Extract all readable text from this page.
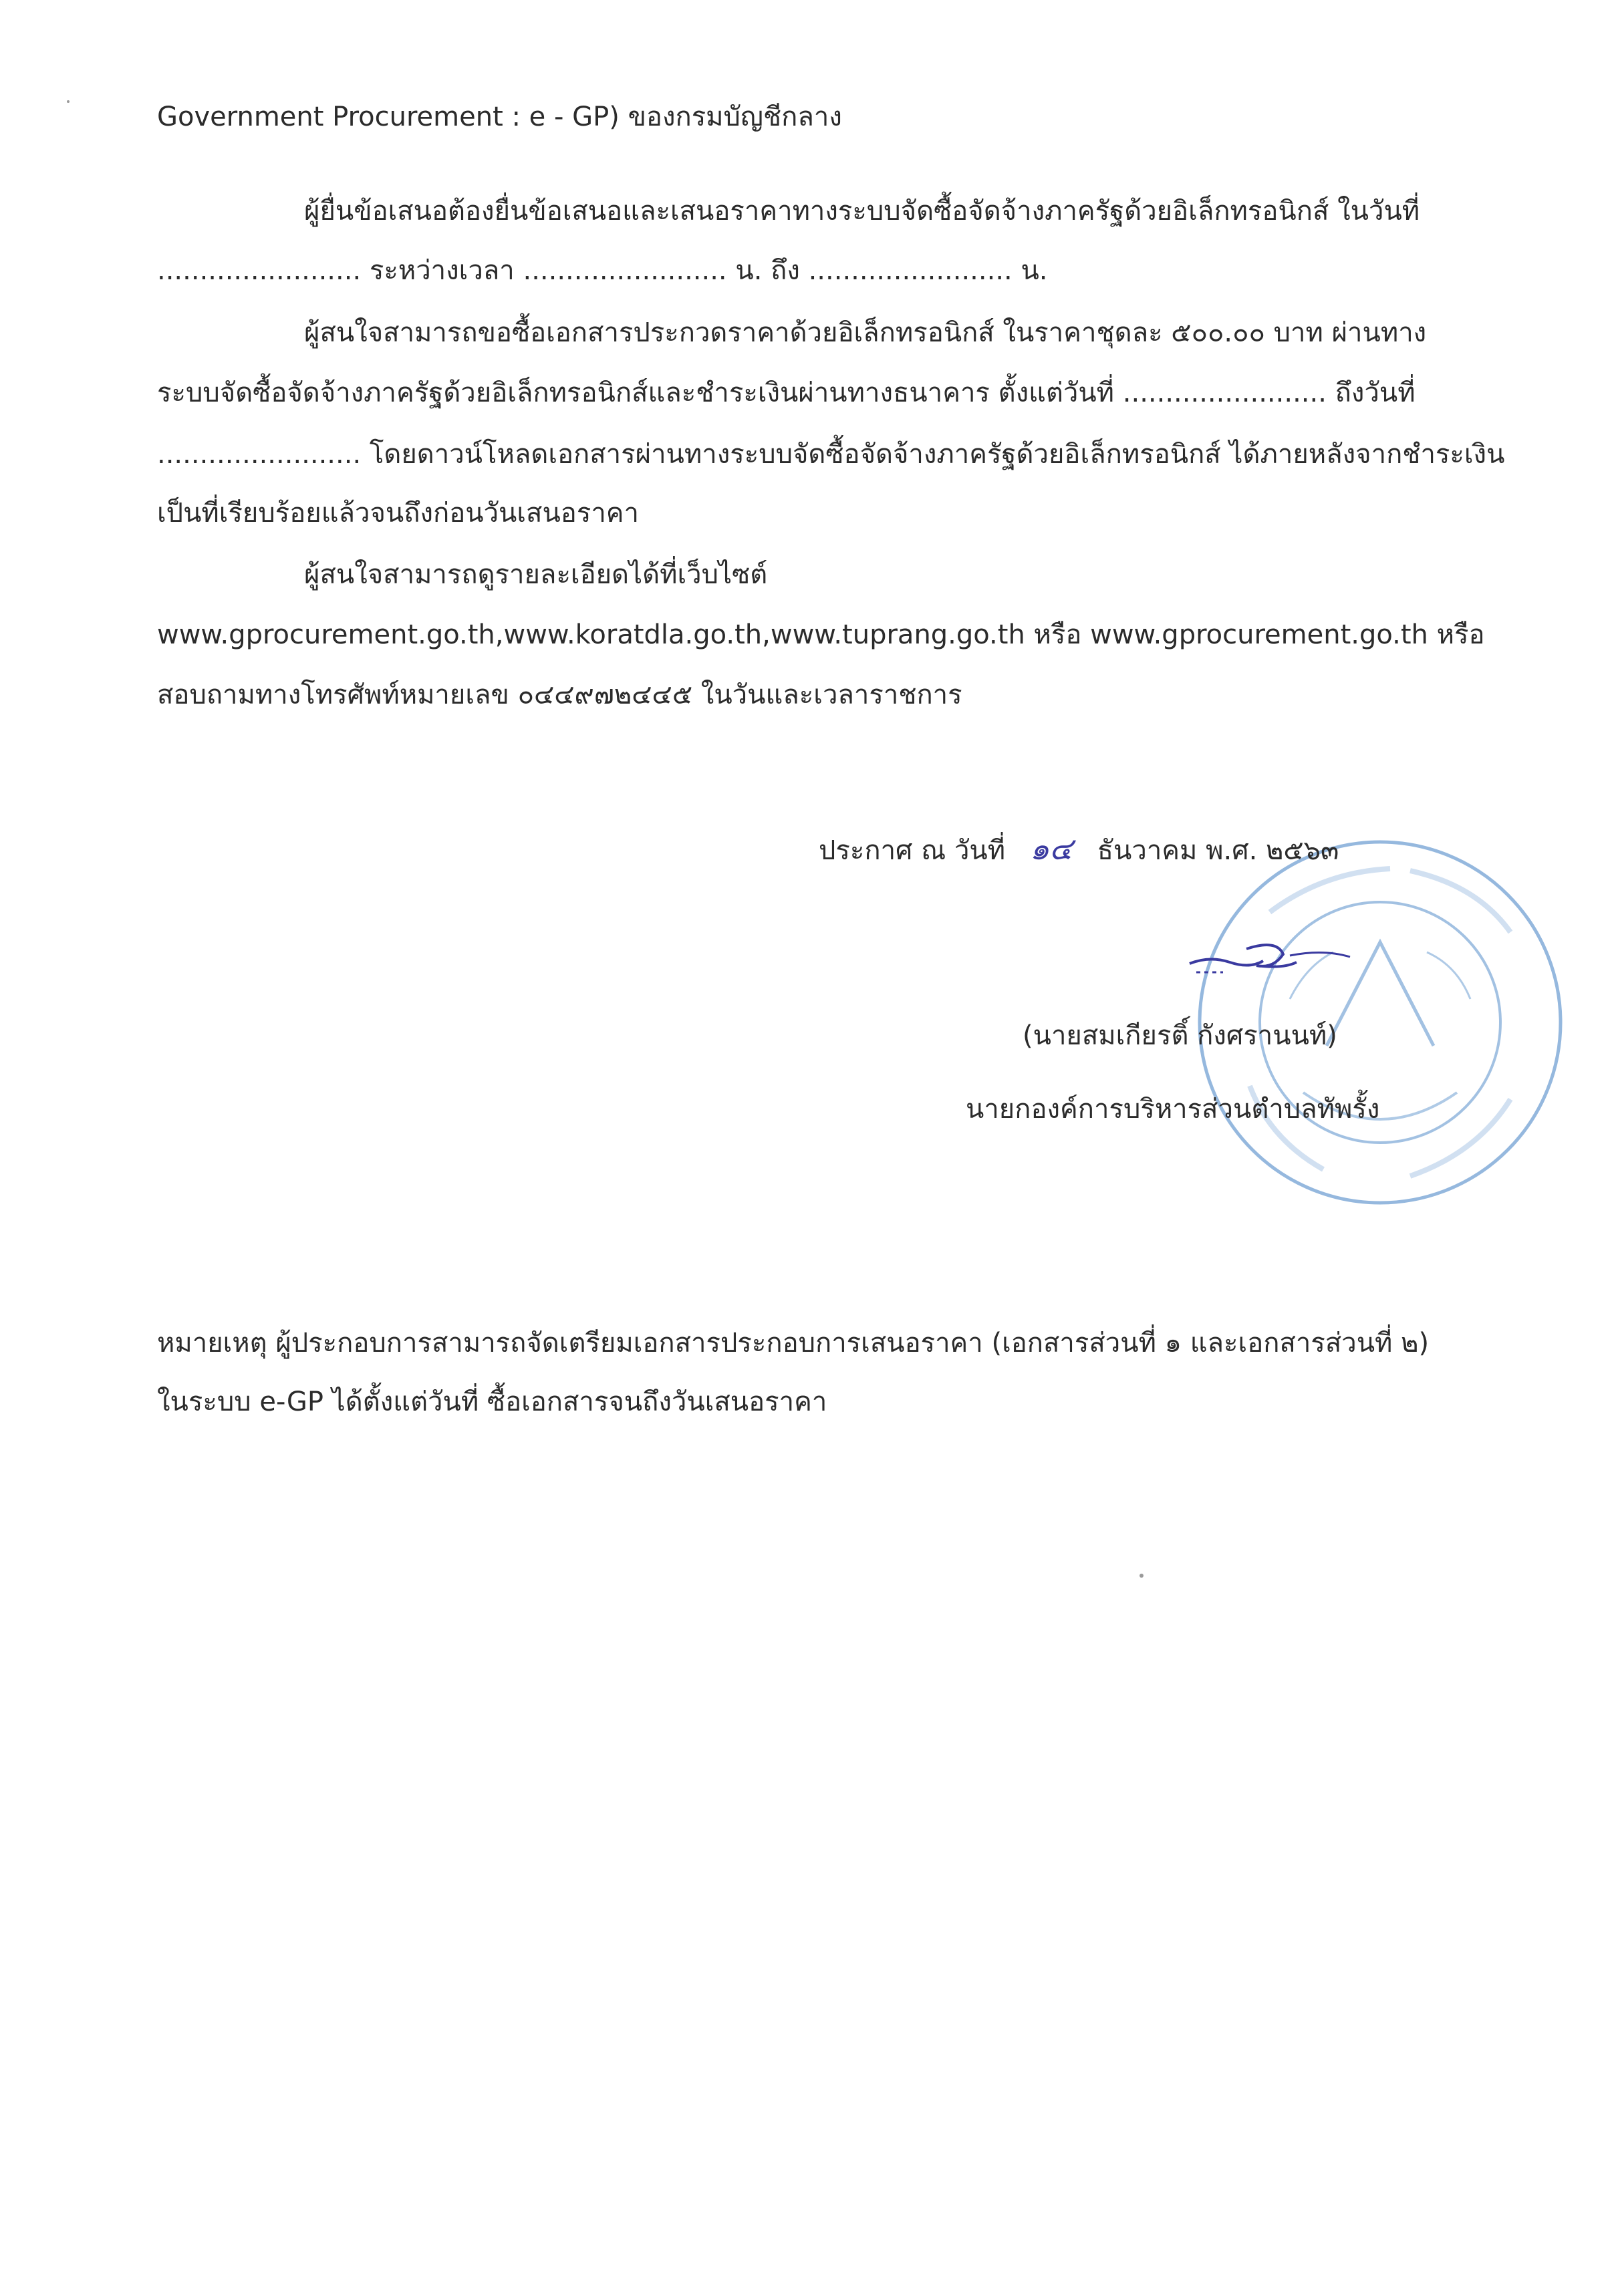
Government Procurement : e - GP) ของกรมบัญชีกลาง
ผู้ยื่นข้อเสนอต้องยื่นข้อเสนอและเสนอราคาทางระบบจัดซื้อจัดจ้างภาครัฐด้วยอิเล็กทรอนิกส์ ในวันที่
........................ ระหว่างเวลา ........................ น. ถึง ........................ น.
ผู้สนใจสามารถขอซื้อเอกสารประกวดราคาด้วยอิเล็กทรอนิกส์ ในราคาชุดละ ๕๐๐.๐๐ บาท ผ่านทาง
ระบบจัดซื้อจัดจ้างภาครัฐด้วยอิเล็กทรอนิกส์และชำระเงินผ่านทางธนาคาร ตั้งแต่วันที่ ........................ ถึงวันที่
........................ โดยดาวน์โหลดเอกสารผ่านทางระบบจัดซื้อจัดจ้างภาครัฐด้วยอิเล็กทรอนิกส์ ได้ภายหลังจากชำระเงิน
เป็นที่เรียบร้อยแล้วจนถึงก่อนวันเสนอราคา
ผู้สนใจสามารถดูรายละเอียดได้ที่เว็บไซต์
www.gprocurement.go.th,www.koratdla.go.th,www.tuprang.go.th หรือ www.gprocurement.go.th หรือ
สอบถามทางโทรศัพท์หมายเลข ๐๔๔๙๗๒๔๔๕ ในวันและเวลาราชการ
ประกาศ ณ วันที่ ๑๔ ธันวาคม พ.ศ. ๒๕๖๓
(นายสมเกียรติ์ กังศรานนท์)
นายกองค์การบริหารส่วนตำบลทัพรั้ง
หมายเหตุ ผู้ประกอบการสามารถจัดเตรียมเอกสารประกอบการเสนอราคา (เอกสารส่วนที่ ๑ และเอกสารส่วนที่ ๒)
ในระบบ e-GP ได้ตั้งแต่วันที่ ซื้อเอกสารจนถึงวันเสนอราคา
